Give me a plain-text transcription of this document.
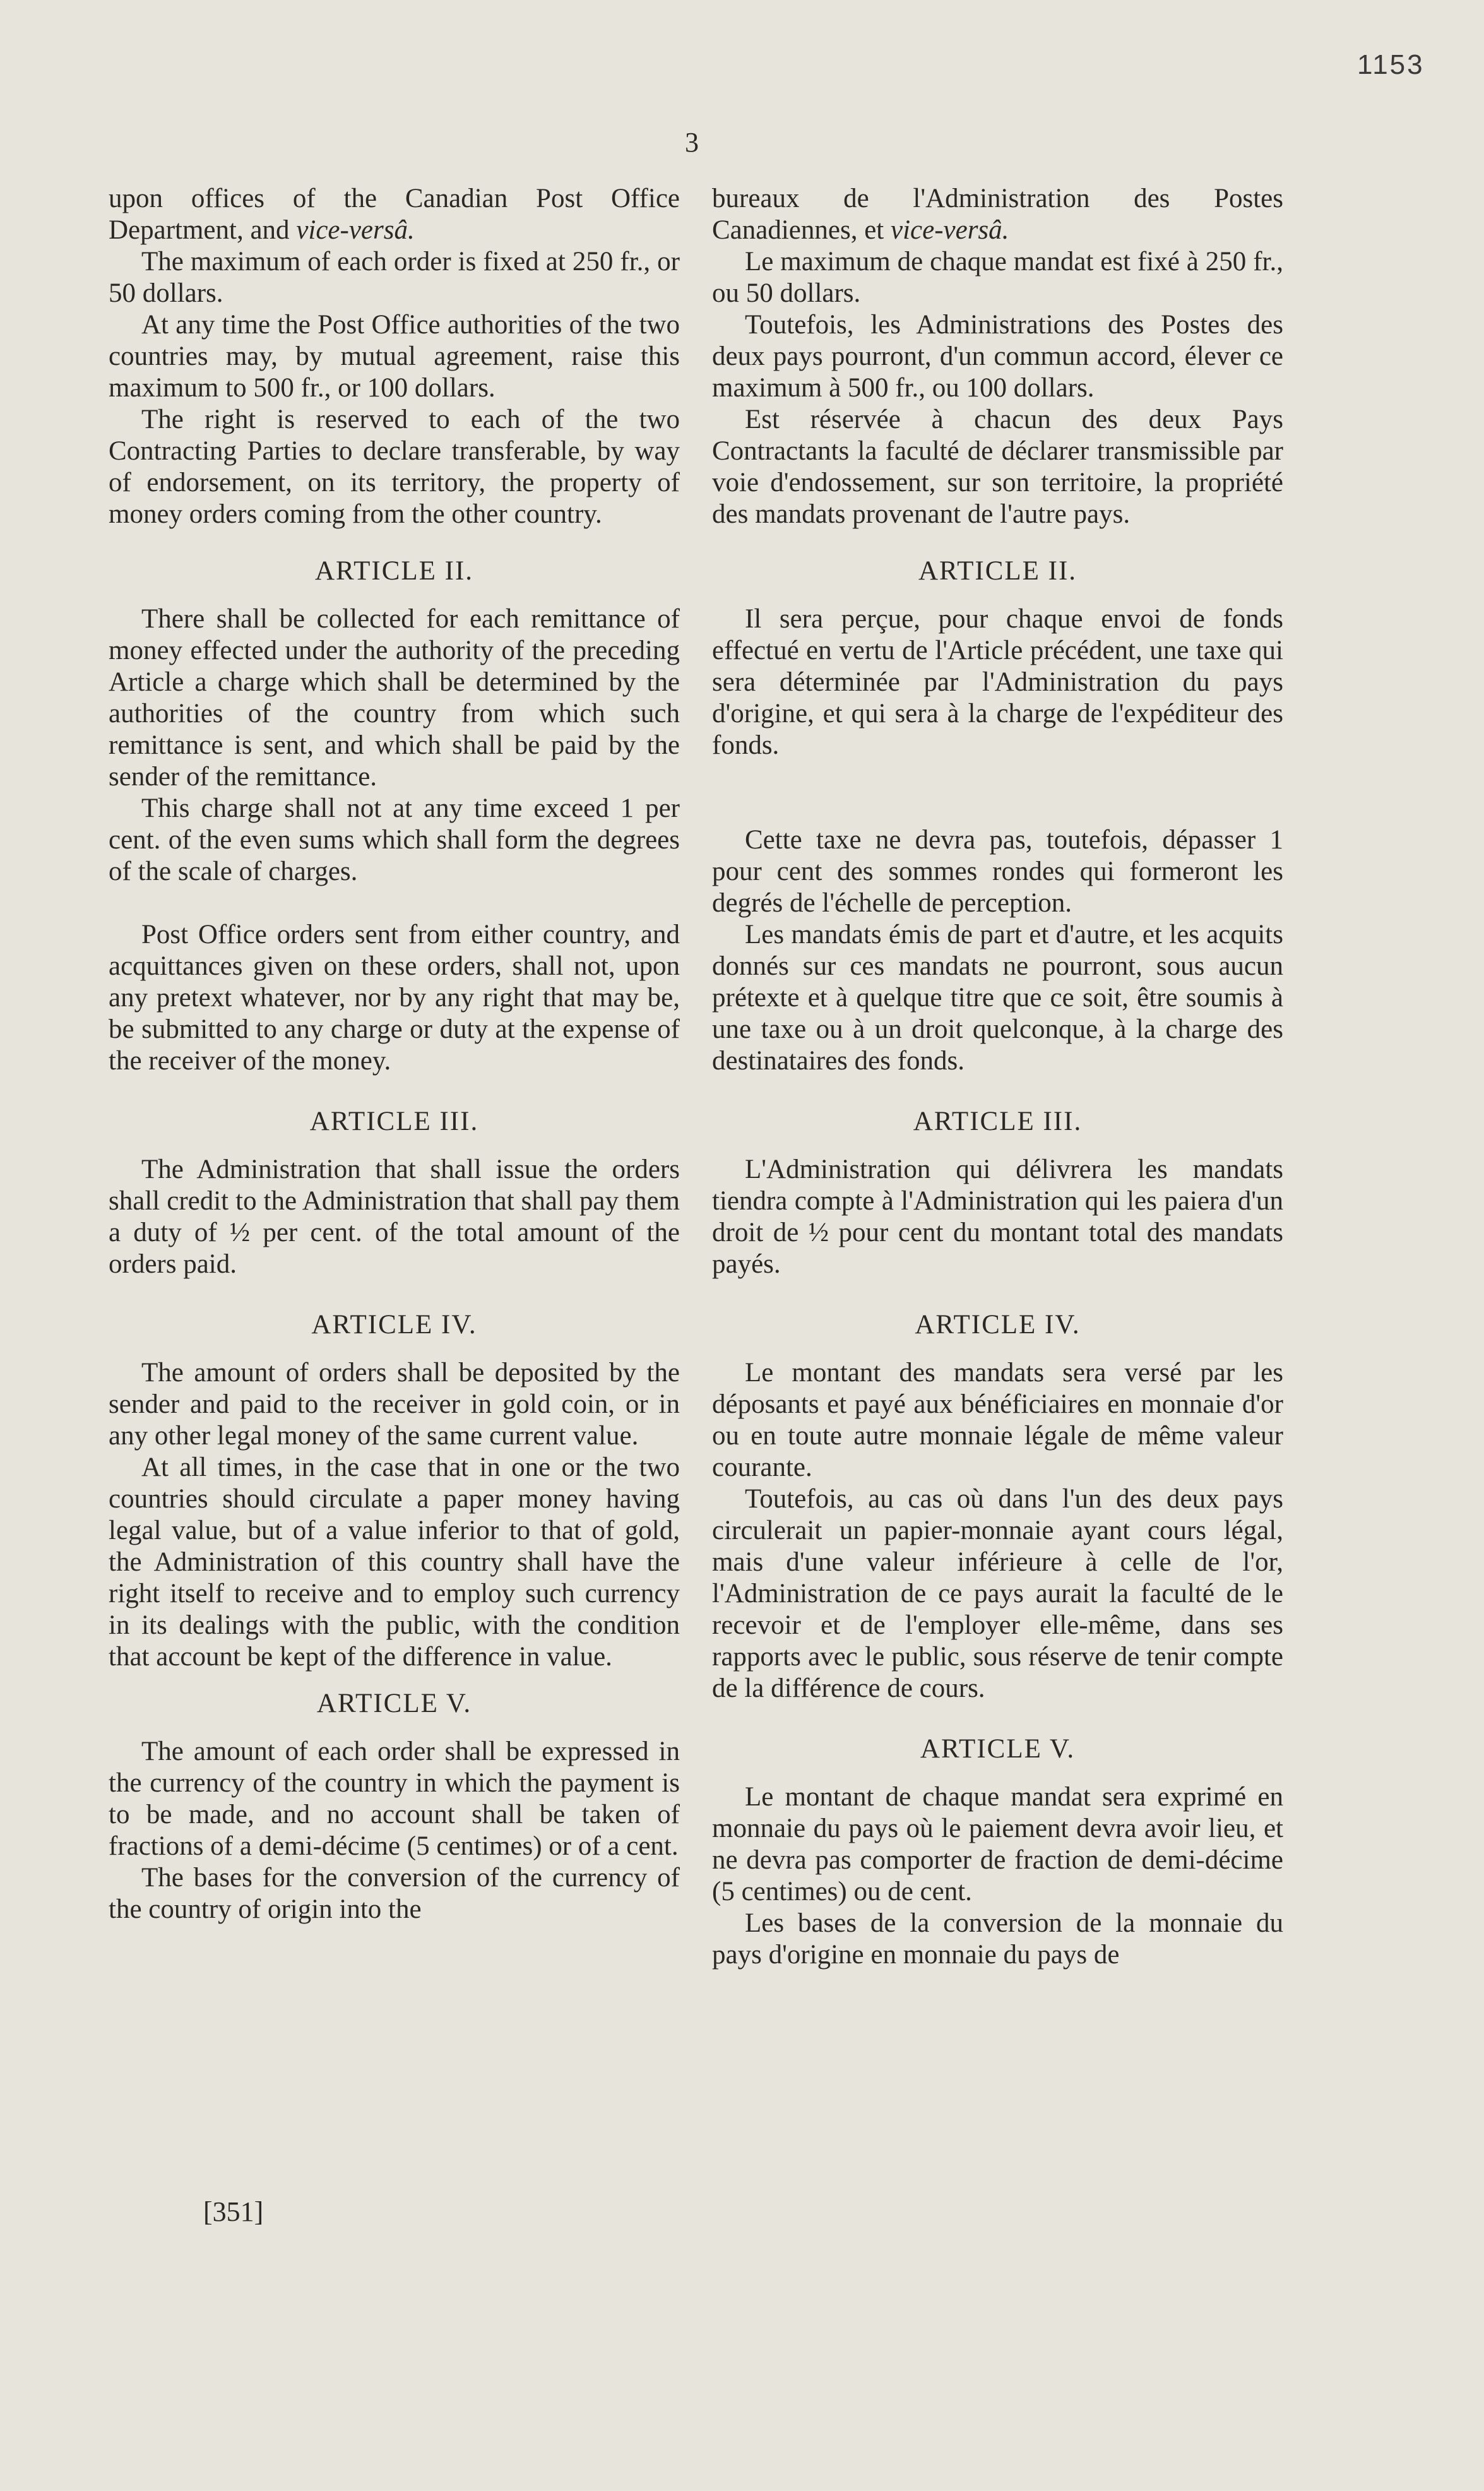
1153
3

upon offices of the Canadian Post Office Department, and vice-versâ.

The maximum of each order is fixed at 250 fr., or 50 dollars.

At any time the Post Office authorities of the two countries may, by mutual agreement, raise this maximum to 500 fr., or 100 dollars.

The right is reserved to each of the two Contracting Parties to declare transferable, by way of endorsement, on its territory, the property of money orders coming from the other country.

ARTICLE II.

There shall be collected for each remittance of money effected under the authority of the preceding Article a charge which shall be determined by the authorities of the country from which such remittance is sent, and which shall be paid by the sender of the remittance.

This charge shall not at any time exceed 1 per cent. of the even sums which shall form the degrees of the scale of charges.

Post Office orders sent from either country, and acquittances given on these orders, shall not, upon any pretext whatever, nor by any right that may be, be submitted to any charge or duty at the expense of the receiver of the money.

ARTICLE III.

The Administration that shall issue the orders shall credit to the Administration that shall pay them a duty of ½ per cent. of the total amount of the orders paid.

ARTICLE IV.

The amount of orders shall be deposited by the sender and paid to the receiver in gold coin, or in any other legal money of the same current value.

At all times, in the case that in one or the two countries should circulate a paper money having legal value, but of a value inferior to that of gold, the Administration of this country shall have the right itself to receive and to employ such currency in its dealings with the public, with the condition that account be kept of the difference in value.

ARTICLE V.

The amount of each order shall be expressed in the currency of the country in which the payment is to be made, and no account shall be taken of fractions of a demi-décime (5 centimes) or of a cent.

The bases for the conversion of the currency of the country of origin into the

bureaux de l'Administration des Postes Canadiennes, et vice-versâ.

Le maximum de chaque mandat est fixé à 250 fr., ou 50 dollars.

Toutefois, les Administrations des Postes des deux pays pourront, d'un commun accord, élever ce maximum à 500 fr., ou 100 dollars.

Est réservée à chacun des deux Pays Contractants la faculté de déclarer transmissible par voie d'endossement, sur son territoire, la propriété des mandats provenant de l'autre pays.

ARTICLE II.

Il sera perçue, pour chaque envoi de fonds effectué en vertu de l'Article précédent, une taxe qui sera déterminée par l'Administration du pays d'origine, et qui sera à la charge de l'expéditeur des fonds.

Cette taxe ne devra pas, toutefois, dépasser 1 pour cent des sommes rondes qui formeront les degrés de l'échelle de perception.

Les mandats émis de part et d'autre, et les acquits donnés sur ces mandats ne pourront, sous aucun prétexte et à quelque titre que ce soit, être soumis à une taxe ou à un droit quelconque, à la charge des destinataires des fonds.

ARTICLE III.

L'Administration qui délivrera les mandats tiendra compte à l'Administration qui les paiera d'un droit de ½ pour cent du montant total des mandats payés.

ARTICLE IV.

Le montant des mandats sera versé par les déposants et payé aux bénéficiaires en monnaie d'or ou en toute autre monnaie légale de même valeur courante.

Toutefois, au cas où dans l'un des deux pays circulerait un papier-monnaie ayant cours légal, mais d'une valeur inférieure à celle de l'or, l'Administration de ce pays aurait la faculté de le recevoir et de l'employer elle-même, dans ses rapports avec le public, sous réserve de tenir compte de la différence de cours.

ARTICLE V.

Le montant de chaque mandat sera exprimé en monnaie du pays où le paiement devra avoir lieu, et ne devra pas comporter de fraction de demi-décime (5 centimes) ou de cent.

Les bases de la conversion de la monnaie du pays d'origine en monnaie du pays de

[351]
